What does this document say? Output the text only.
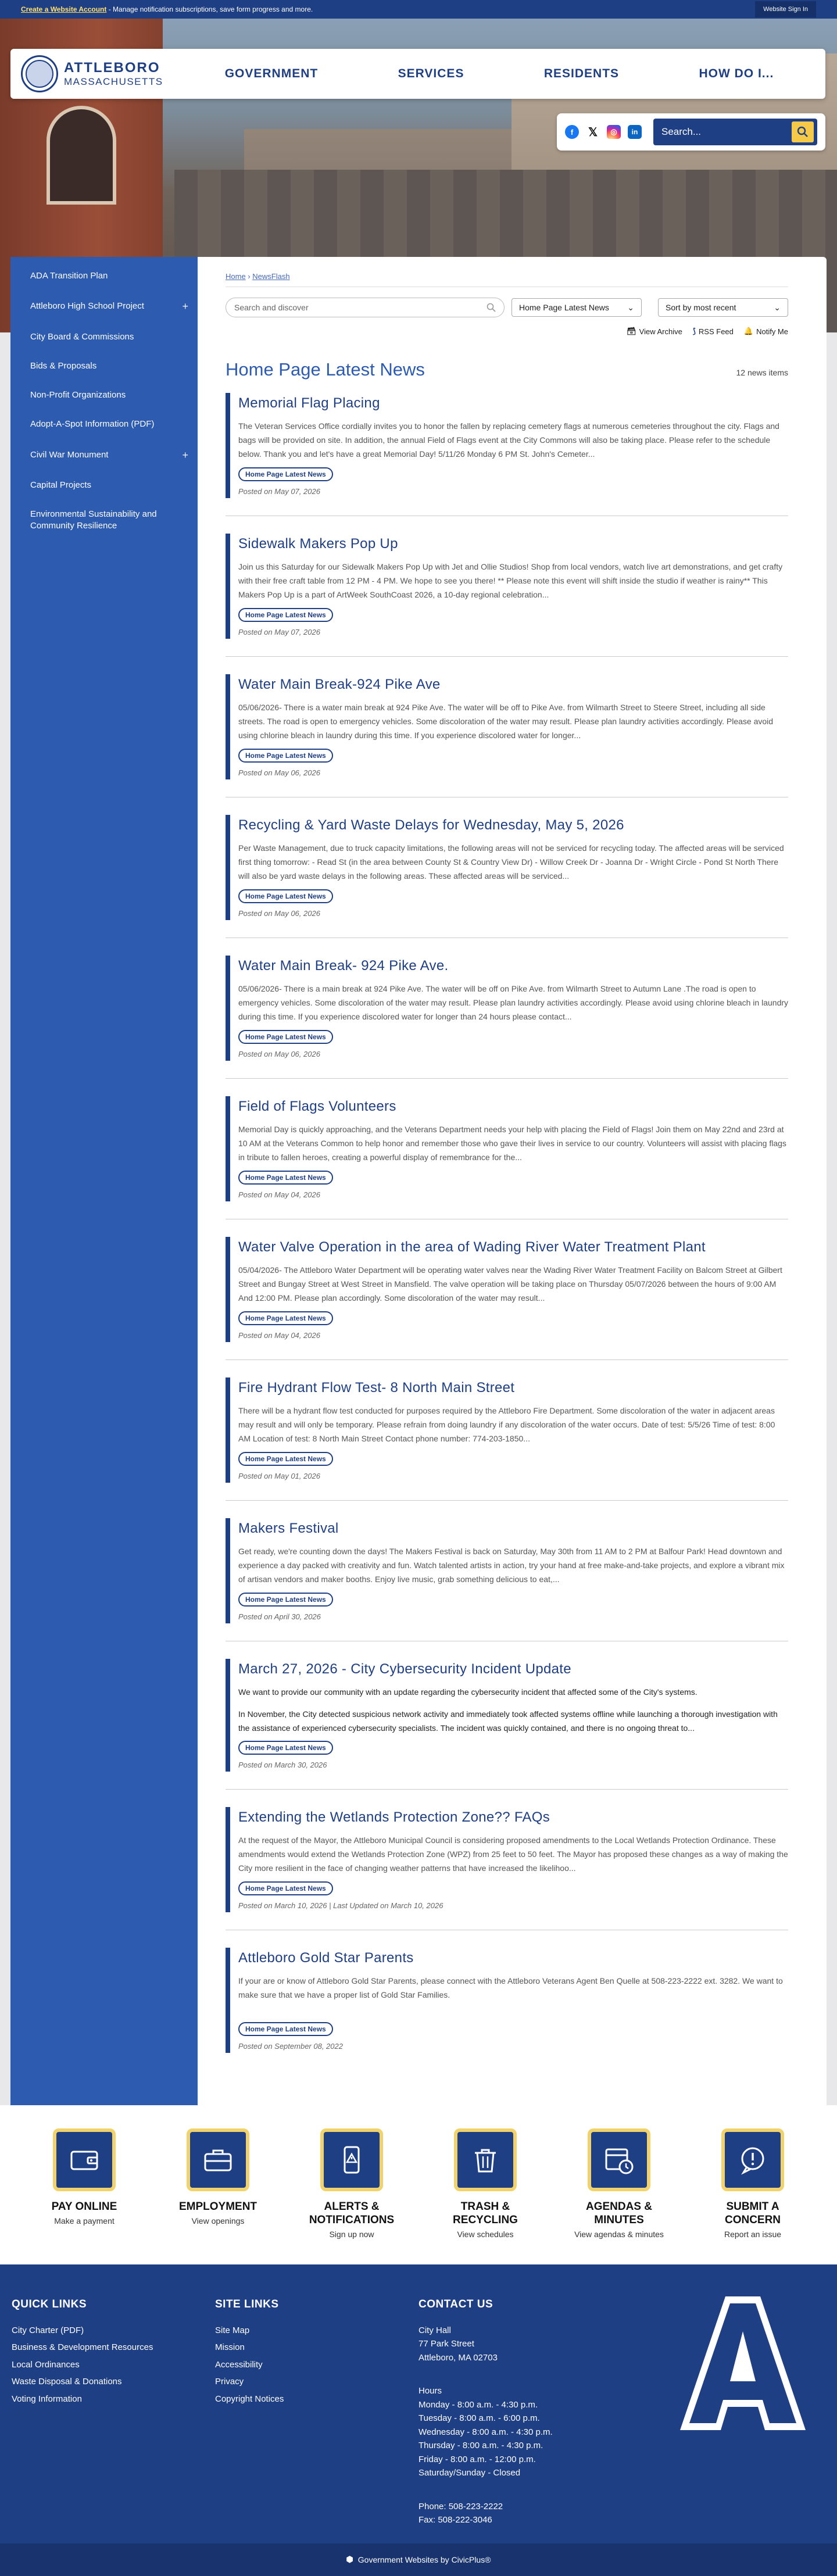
Create a Website Account - Manage notification subscriptions, save form progress and more.	Website Sign In
ATTLEBORO
MASSACHUSETTS
GOVERNMENT	SERVICES	RESIDENTS	HOW DO I...
f	𝕏	◎	in
Search...
ADA Transition Plan
Attleboro High School Project	+
City Board & Commissions
Bids & Proposals
Non-Profit Organizations
Adopt-A-Spot Information (PDF)
Civil War Monument	+
Capital Projects
Environmental Sustainability and Community Resilience
Home › NewsFlash
Search and discover	Home Page Latest News ⌄	Sort by most recent	⌄
🗃 View Archive ⟆ RSS Feed 🔔 Notify Me
Home Page Latest News	12 news items
Memorial Flag Placing

The Veteran Services Office cordially invites you to honor the fallen by replacing cemetery flags at numerous cemeteries throughout the city. Flags and bags will be provided on site. In addition, the annual Field of Flags event at the City Commons will also be taking place. Please refer to the schedule below. Thank you and let's have a great Memorial Day! 5/11/26 Monday 6 PM St. John's Cemeter...

Home Page Latest News
Posted on May 07, 2026
Sidewalk Makers Pop Up

Join us this Saturday for our Sidewalk Makers Pop Up with Jet and Ollie Studios! Shop from local vendors, watch live art demonstrations, and get crafty with their free craft table from 12 PM - 4 PM. We hope to see you there! ** Please note this event will shift inside the studio if weather is rainy** This Makers Pop Up is a part of ArtWeek SouthCoast 2026, a 10-day regional celebration...

Home Page Latest News
Posted on May 07, 2026
Water Main Break-924 Pike Ave

05/06/2026- There is a water main break at 924 Pike Ave. The water will be off to Pike Ave. from Wilmarth Street to Steere Street, including all side streets. The road is open to emergency vehicles. Some discoloration of the water may result. Please plan laundry activities accordingly. Please avoid using chlorine bleach in laundry during this time. If you experience discolored water for longer...

Home Page Latest News
Posted on May 06, 2026
Recycling & Yard Waste Delays for Wednesday, May 5, 2026

Per Waste Management, due to truck capacity limitations, the following areas will not be serviced for recycling today. The affected areas will be serviced first thing tomorrow: - Read St (in the area between County St & Country View Dr) - Willow Creek Dr - Joanna Dr - Wright Circle - Pond St North There will also be yard waste delays in the following areas. These affected areas will be serviced...

Home Page Latest News
Posted on May 06, 2026
Water Main Break- 924 Pike Ave.

05/06/2026- There is a main break at 924 Pike Ave. The water will be off on Pike Ave. from Wilmarth Street to Autumn Lane .The road is open to emergency vehicles. Some discoloration of the water may result. Please plan laundry activities accordingly. Please avoid using chlorine bleach in laundry during this time. If you experience discolored water for longer than 24 hours please contact...

Home Page Latest News
Posted on May 06, 2026
Field of Flags Volunteers

Memorial Day is quickly approaching, and the Veterans Department needs your help with placing the Field of Flags! Join them on May 22nd and 23rd at 10 AM at the Veterans Common to help honor and remember those who gave their lives in service to our country. Volunteers will assist with placing flags in tribute to fallen heroes, creating a powerful display of remembrance for the...

Home Page Latest News
Posted on May 04, 2026
Water Valve Operation in the area of Wading River Water Treatment Plant

05/04/2026- The Attleboro Water Department will be operating water valves near the Wading River Water Treatment Facility on Balcom Street at Gilbert Street and Bungay Street at West Street in Mansfield. The valve operation will be taking place on Thursday 05/07/2026 between the hours of 9:00 AM And 12:00 PM. Please plan accordingly. Some discoloration of the water may result...

Home Page Latest News
Posted on May 04, 2026
Fire Hydrant Flow Test- 8 North Main Street

There will be a hydrant flow test conducted for purposes required by the Attleboro Fire Department. Some discoloration of the water in adjacent areas may result and will only be temporary. Please refrain from doing laundry if any discoloration of the water occurs. Date of test: 5/5/26 Time of test: 8:00 AM Location of test: 8 North Main Street Contact phone number: 774-203-1850...

Home Page Latest News
Posted on May 01, 2026
Makers Festival

Get ready, we're counting down the days! The Makers Festival is back on Saturday, May 30th from 11 AM to 2 PM at Balfour Park! Head downtown and experience a day packed with creativity and fun. Watch talented artists in action, try your hand at free make-and-take projects, and explore a vibrant mix of artisan vendors and maker booths. Enjoy live music, grab something delicious to eat,...

Home Page Latest News
Posted on April 30, 2026
March 27, 2026 - City Cybersecurity Incident Update

We want to provide our community with an update regarding the cybersecurity incident that affected some of the City's systems.

In November, the City detected suspicious network activity and immediately took affected systems offline while launching a thorough investigation with the assistance of experienced cybersecurity specialists. The incident was quickly contained, and there is no ongoing threat to...

Home Page Latest News
Posted on March 30, 2026
Extending the Wetlands Protection Zone?? FAQs

At the request of the Mayor, the Attleboro Municipal Council is considering proposed amendments to the Local Wetlands Protection Ordinance. These amendments would extend the Wetlands Protection Zone (WPZ) from 25 feet to 50 feet. The Mayor has proposed these changes as a way of making the City more resilient in the face of changing weather patterns that have increased the likelihoo...

Home Page Latest News
Posted on March 10, 2026 | Last Updated on March 10, 2026
Attleboro Gold Star Parents

If your are or know of Attleboro Gold Star Parents, please connect with the Attleboro Veterans Agent Ben Quelle at 508-223-2222 ext. 3282. We want to make sure that we have a proper list of Gold Star Families.

Home Page Latest News
Posted on September 08, 2022
PAY ONLINE
Make a payment
EMPLOYMENT
View openings
ALERTS & NOTIFICATIONS
Sign up now
TRASH & RECYCLING
View schedules
AGENDAS & MINUTES
View agendas & minutes
SUBMIT A CONCERN
Report an issue
QUICK LINKS
City Charter (PDF)
Business & Development Resources
Local Ordinances
Waste Disposal & Donations
Voting Information
SITE LINKS
Site Map
Mission
Accessibility
Privacy
Copyright Notices
CONTACT US
City Hall
77 Park Street
Attleboro, MA 02703
Hours
Monday - 8:00 a.m. - 4:30 p.m.
Tuesday - 8:00 a.m. - 6:00 p.m.
Wednesday - 8:00 a.m. - 4:30 p.m.
Thursday - 8:00 a.m. - 4:30 p.m.
Friday - 8:00 a.m. - 12:00 p.m.
Saturday/Sunday - Closed
Phone: 508-223-2222
Fax: 508-222-3046
⬢ Government Websites by CivicPlus®
